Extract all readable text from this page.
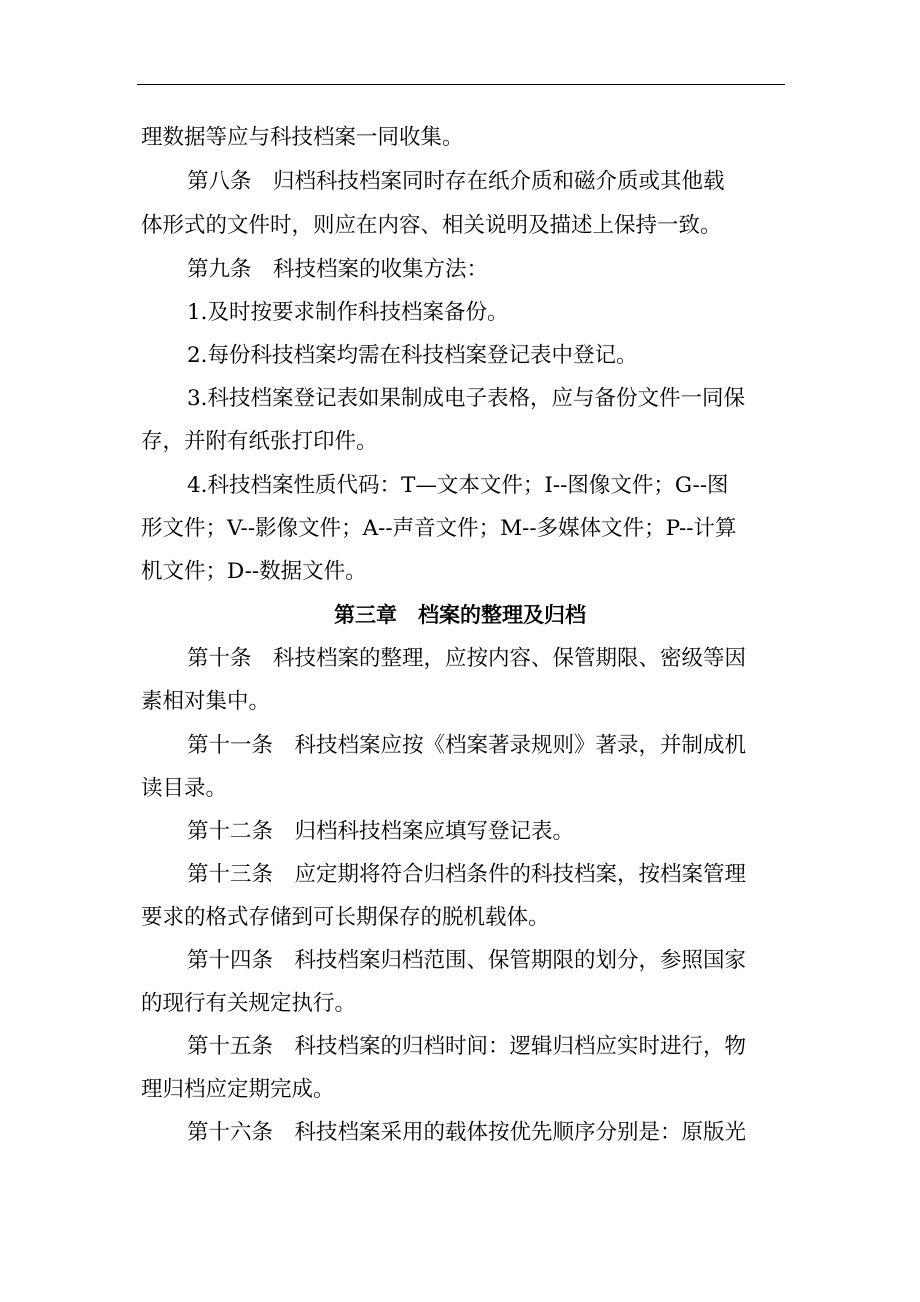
理数据等应与科技档案一同收集。
第八条　归档科技档案同时存在纸介质和磁介质或其他载
体形式的文件时，则应在内容、相关说明及描述上保持一致。
第九条　科技档案的收集方法：
1.及时按要求制作科技档案备份。
2.每份科技档案均需在科技档案登记表中登记。
3.科技档案登记表如果制成电子表格，应与备份文件一同保
存，并附有纸张打印件。
4.科技档案性质代码：T—文本文件；I--图像文件；G--图
形文件；V--影像文件；A--声音文件；M--多媒体文件；P--计算
机文件；D--数据文件。
第三章　档案的整理及归档
第十条　科技档案的整理，应按内容、保管期限、密级等因
素相对集中。
第十一条　科技档案应按《档案著录规则》著录，并制成机
读目录。
第十二条　归档科技档案应填写登记表。
第十三条　应定期将符合归档条件的科技档案，按档案管理
要求的格式存储到可长期保存的脱机载体。
第十四条　科技档案归档范围、保管期限的划分，参照国家
的现行有关规定执行。
第十五条　科技档案的归档时间：逻辑归档应实时进行，物
理归档应定期完成。
第十六条　科技档案采用的载体按优先顺序分别是：原版光
